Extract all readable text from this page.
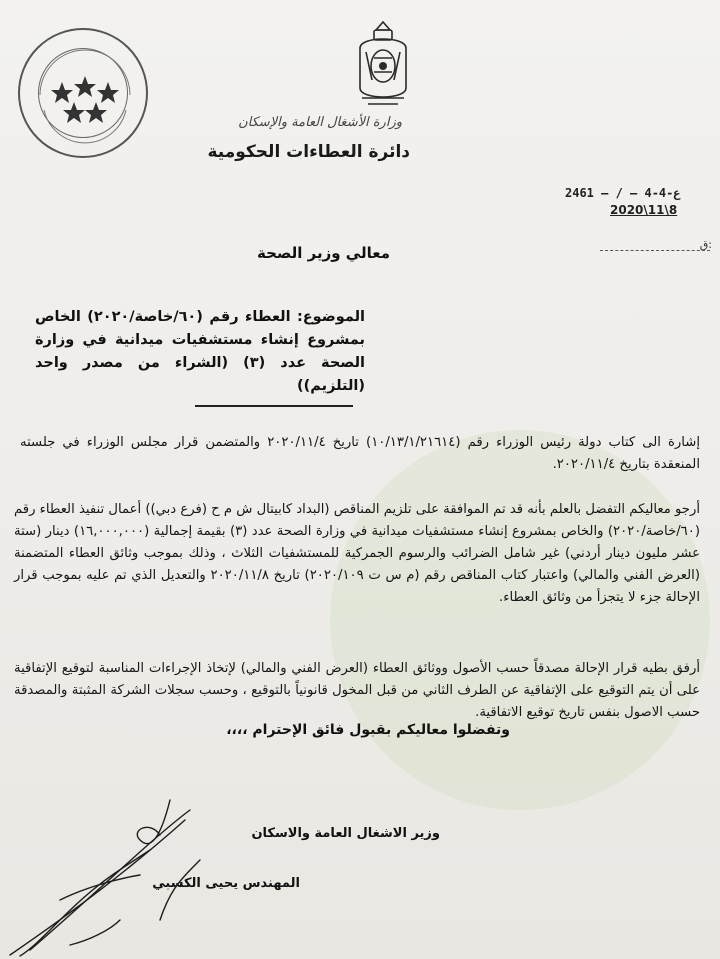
وزارة الأشغال العامة والإسكان
دائرة العطاءات الحكومية
2461 — / — 4-4-ع
2020\11\8
ق:
معالي وزير الصحة
الموضوع: العطاء رقم (٦٠/خاصة/٢٠٢٠) الخاص بمشروع إنشاء مستشفيات ميدانية في وزارة الصحة عدد (٣) (الشراء من مصدر واحد (التلزيم))
إشارة الى كتاب دولة رئيس الوزراء رقم (١٠/١٣/١/٢١٦١٤) تاريخ ٢٠٢٠/١١/٤ والمتضمن قرار مجلس الوزراء في جلسته المنعقدة بتاريخ ٢٠٢٠/١١/٤.
أرجو معاليكم التفضل بالعلم بأنه قد تم الموافقة على تلزيم المناقص (البداد كابيتال ش م ح (فرع دبي)) أعمال تنفيذ العطاء رقم (٦٠/خاصة/٢٠٢٠) والخاص بمشروع إنشاء مستشفيات ميدانية في وزارة الصحة عدد (٣) بقيمة إجمالية (١٦,٠٠٠,٠٠٠) دينار (ستة عشر مليون دينار أردني) غير شامل الضرائب والرسوم الجمركية للمستشفيات الثلاث ، وذلك بموجب وثائق العطاء المتضمنة (العرض الفني والمالي) واعتبار كتاب المناقص رقم (م س ت ٢٠٢٠/١٠٩) تاريخ ٢٠٢٠/١١/٨ والتعديل الذي تم عليه بموجب قرار الإحالة جزء لا يتجزأ من وثائق العطاء.
أرفق بطيه قرار الإحالة مصدقاً حسب الأصول ووثائق العطاء (العرض الفني والمالي) لإتخاذ الإجراءات المناسبة لتوقيع الإتفاقية على أن يتم التوقيع على الإتفاقية عن الطرف الثاني من قبل المخول قانونياً بالتوقيع ، وحسب سجلات الشركة المثبتة والمصدقة حسب الاصول بنفس تاريخ توقيع الاتفاقية.
وتفضلوا معاليكم بقبول فائق الإحترام ،،،،
وزير الاشغال العامة والاسكان
المهندس يحيى الكسبي
